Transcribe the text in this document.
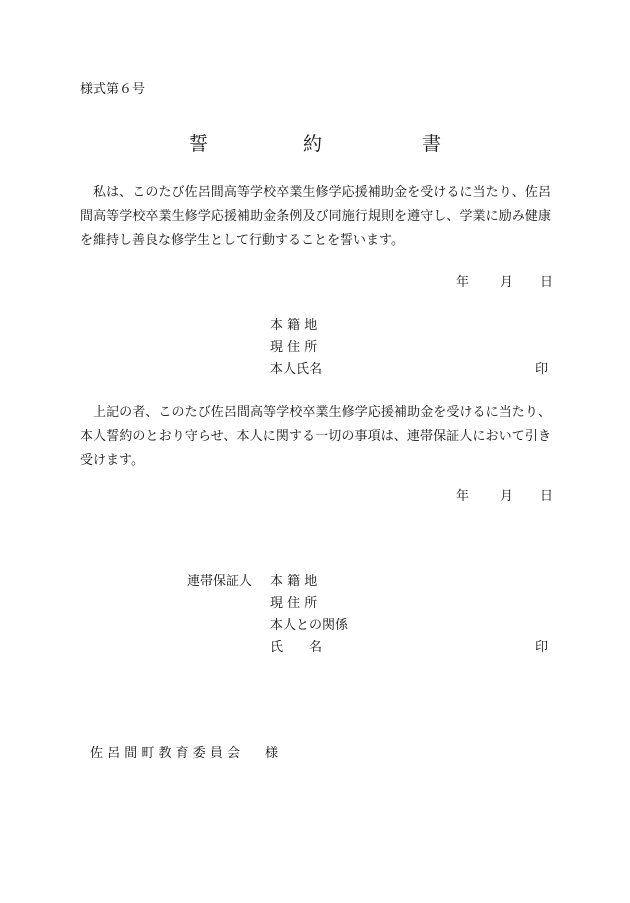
様式第６号
誓	約	書

私は、このたび佐呂間高等学校卒業生修学応援補助金を受けるに当たり、佐呂間高等学校卒業生修学応援補助金条例及び同施行規則を遵守し、学業に励み健康を維持し善良な修学生として行動することを誓います。

年 月 日
本 籍 地
現 住 所
本人氏名	印

上記の者、このたび佐呂間高等学校卒業生修学応援補助金を受けるに当たり、本人誓約のとおり守らせ、本人に関する一切の事項は、連帯保証人において引き受けます。

年 月 日
連帯保証人 本 籍 地
現 住 所
本人との関係
氏　　名	印
佐 呂 間 町 教 育 委 員 会 様
